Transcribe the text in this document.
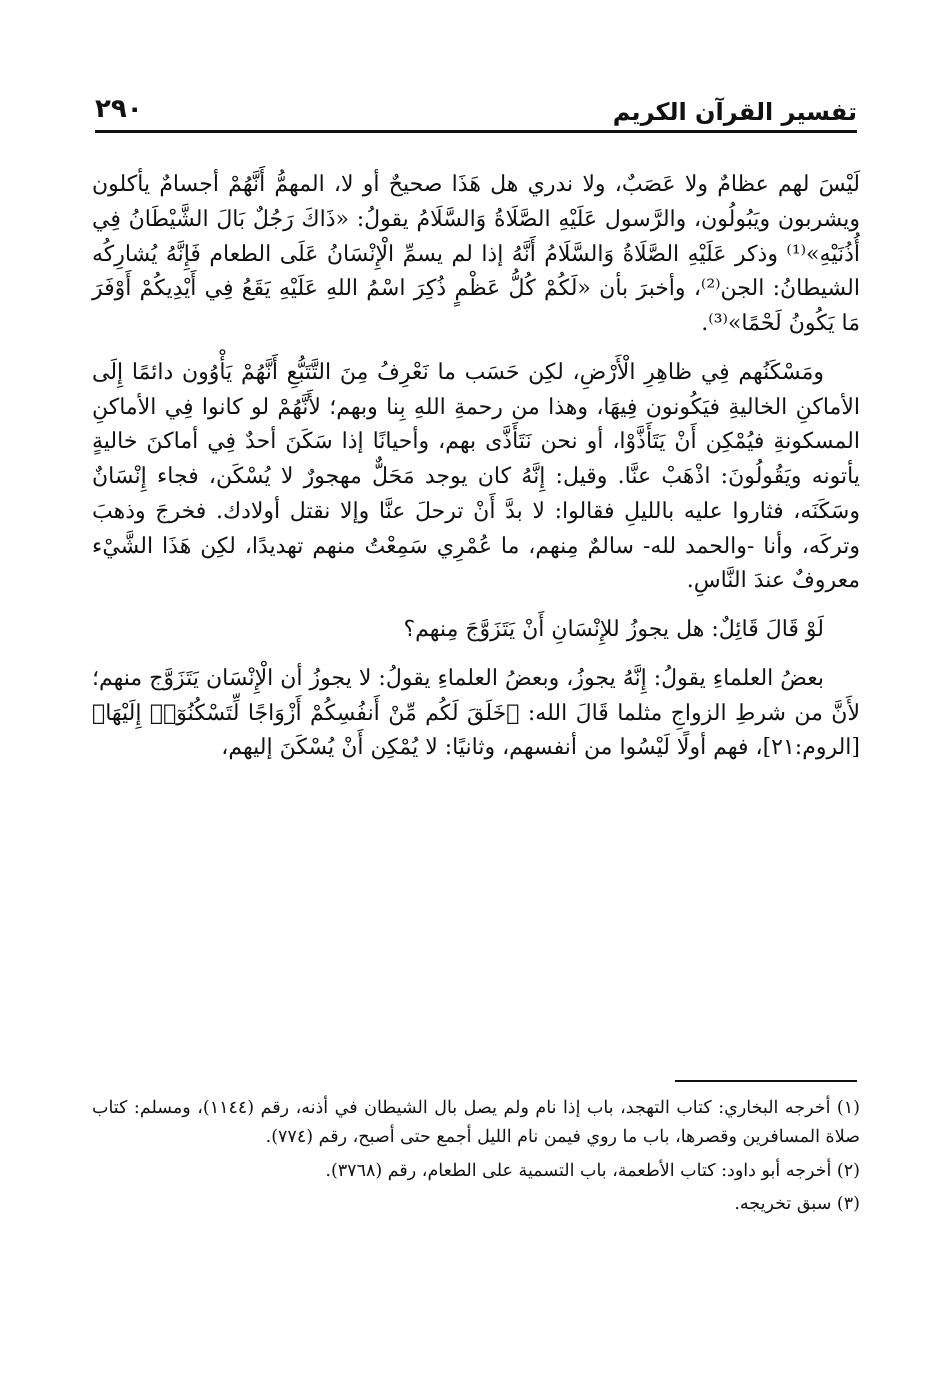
تفسير القرآن الكريم
٢٩٠

لَيْسَ لهم عظامٌ ولا عَصَبٌ، ولا ندري هل هَذَا صحيحٌ أو لا، المهمُّ أَنَّهُمْ أجسامٌ يأكلون ويشربون ويَبُولُون، والرَّسول عَلَيْهِ الصَّلَاةُ وَالسَّلَامُ يقولُ: «ذَاكَ رَجُلٌ بَالَ الشَّيْطَانُ فِي أُذُنَيْهِ»⁽¹⁾ وذكر عَلَيْهِ الصَّلَاةُ وَالسَّلَامُ أَنَّهُ إذا لم يسمِّ الْإِنْسَانُ عَلَى الطعام فَإِنَّهُ يُشارِكُه الشيطانُ: الجن⁽²⁾، وأخبرَ بأن «لَكُمْ كُلُّ عَظْمٍ ذُكِرَ اسْمُ اللهِ عَلَيْهِ يَقَعُ فِي أَيْدِيكُمْ أَوْفَرَ مَا يَكُونُ لَحْمًا»⁽³⁾.

ومَسْكَنُهم فِي ظاهِرِ الْأَرْضِ، لكِن حَسَب ما نَعْرِفُ مِنَ التَّتَبُّعِ أَنَّهُمْ يَأْوُون دائمًا إِلَى الأماكنِ الخاليةِ فيَكُونون فِيهَا، وهذا من رحمةِ اللهِ بِنا وبهم؛ لأَنَّهُمْ لو كانوا فِي الأماكنِ المسكونةِ فيُمْكِن أَنْ يَتَأَذَّوْا، أو نحن نَتَأَذَّى بهم، وأحيانًا إذا سَكَنَ أحدٌ فِي أماكنَ خاليةٍ يأتونه ويَقُولُونَ: اذْهَبْ عنَّا. وقيل: إِنَّهُ كان يوجد مَحَلٌّ مهجورٌ لا يُسْكَن، فجاء إِنْسَانٌ وسَكَنَه، فثاروا عليه بالليلِ فقالوا: لا بدَّ أَنْ ترحلَ عنَّا وإلا نقتل أولادك. فخرجَ وذهبَ وتركَه، وأنا -والحمد لله- سالمٌ مِنهم، ما عُمْرِي سَمِعْتُ منهم تهديدًا، لكِن هَذَا الشَّيْء معروفٌ عندَ النَّاسِ.

لَوْ قَالَ قَائِلٌ: هل يجوزُ للإِنْسَانِ أَنْ يَتَزَوَّجَ مِنهم؟

بعضُ العلماءِ يقولُ: إِنَّهُ يجوزُ، وبعضُ العلماءِ يقولُ: لا يجوزُ أن الْإِنْسَان يَتَزَوَّج منهم؛ لأَنَّ من شرطِ الزواجِ مثلما قَالَ الله: ﴿خَلَقَ لَكُم مِّنْ أَنفُسِكُمْ أَزْوَاجًا لِّتَسْكُنُوٓا۟ إِلَيْهَا﴾ [الروم:٢١]، فهم أولًا لَيْسُوا من أنفسهم، وثانيًا: لا يُمْكِن أَنْ يُسْكَنَ إليهم،

(١) أخرجه البخاري: كتاب التهجد، باب إذا نام ولم يصل بال الشيطان في أذنه، رقم (١١٤٤)، ومسلم: كتاب صلاة المسافرين وقصرها، باب ما روي فيمن نام الليل أجمع حتى أصبح، رقم (٧٧٤).

(٢) أخرجه أبو داود: كتاب الأطعمة، باب التسمية على الطعام، رقم (٣٧٦٨).

(٣) سبق تخريجه.
